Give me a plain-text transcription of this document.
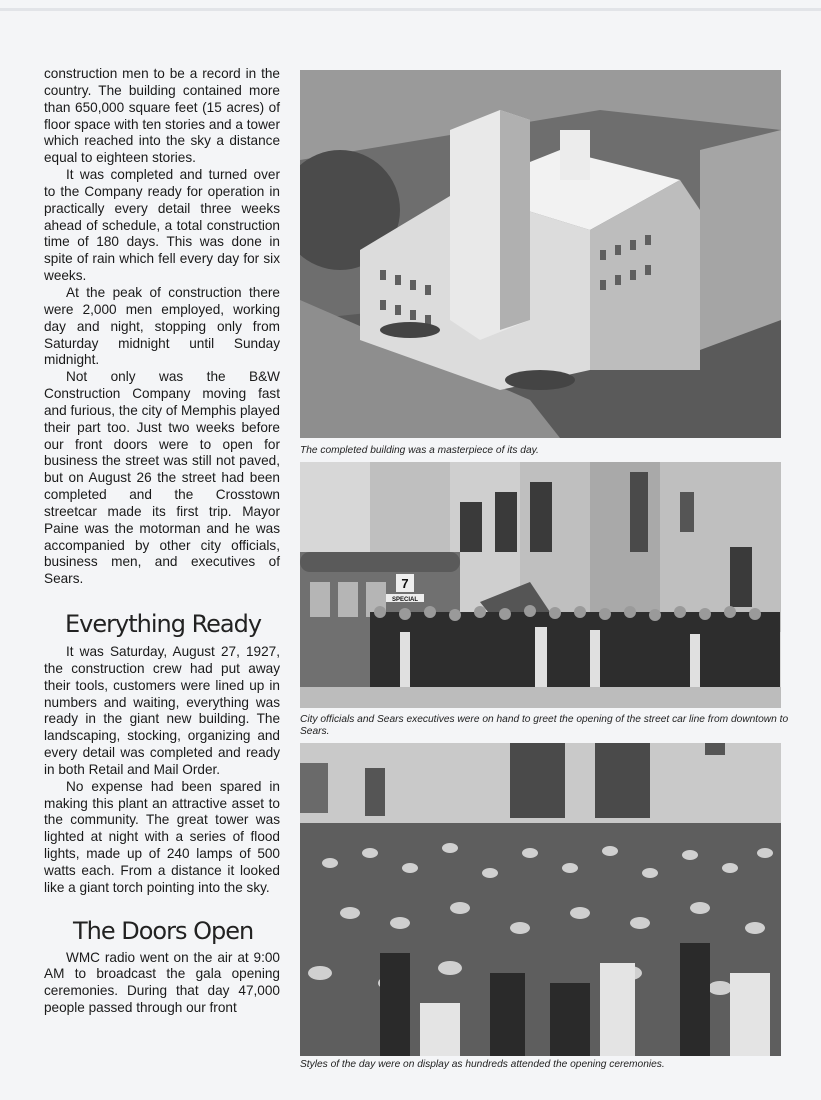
construction men to be a record in the country. The building contained more than 650,000 square feet (15 acres) of floor space with ten stories and a tower which reached into the sky a distance equal to eighteen stories.

It was completed and turned over to the Company ready for operation in practically every detail three weeks ahead of schedule, a total construction time of 180 days. This was done in spite of rain which fell every day for six weeks.

At the peak of construction there were 2,000 men employed, working day and night, stopping only from Saturday midnight until Sunday midnight.

Not only was the B&W Construction Company moving fast and furious, the city of Memphis played their part too. Just two weeks before our front doors were to open for business the street was still not paved, but on August 26 the street had been completed and the Crosstown streetcar made its first trip. Mayor Paine was the motorman and he was accompanied by other city officials, business men, and executives of Sears.

Everything Ready

It was Saturday, August 27, 1927, the construction crew had put away their tools, customers were lined up in numbers and waiting, everything was ready in the giant new building. The landscaping, stocking, organizing and every detail was completed and ready in both Retail and Mail Order.

No expense had been spared in making this plant an attractive asset to the community. The great tower was lighted at night with a series of flood lights, made up of 240 lamps of 500 watts each. From a distance it looked like a giant torch pointing into the sky.

The Doors Open

WMC radio went on the air at 9:00 AM to broadcast the gala opening ceremonies. During that day 47,000 people passed through our front

The completed building was a masterpiece of its day.
7
SPECIAL
City officials and Sears executives were on hand to greet the opening of the street car line from downtown to Sears.
Styles of the day were on display as hundreds attended the opening ceremonies.
